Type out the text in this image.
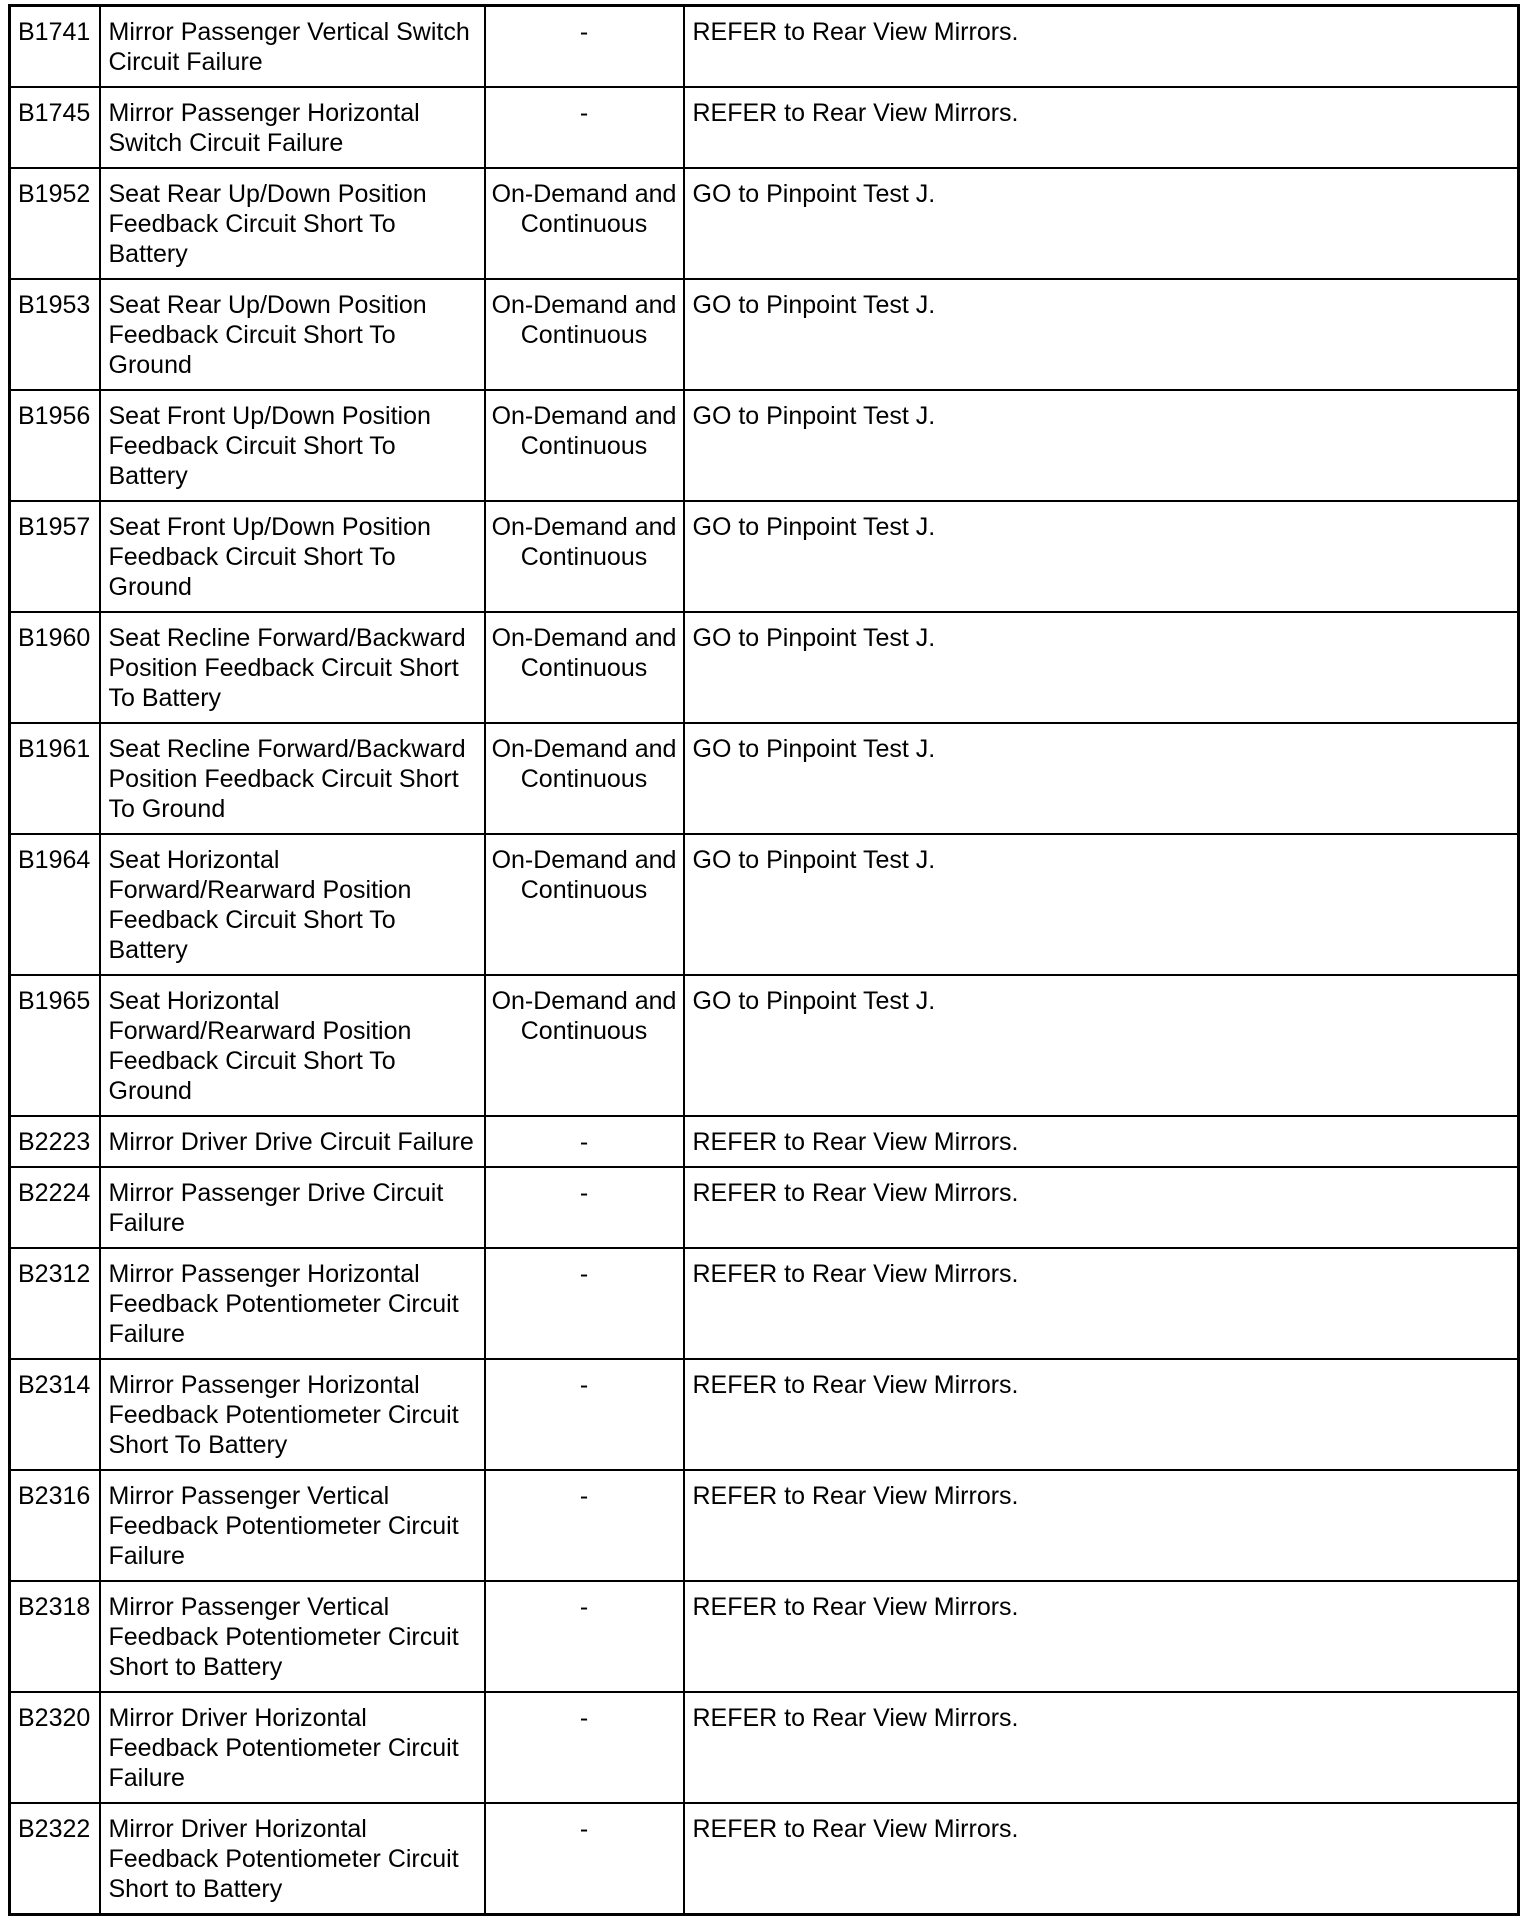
B1741	Mirror Passenger Vertical Switch Circuit Failure	-	REFER to Rear View Mirrors.
B1745	Mirror Passenger Horizontal Switch Circuit Failure	-	REFER to Rear View Mirrors.
B1952	Seat Rear Up/Down Position Feedback Circuit Short To Battery	On-Demand and Continuous	GO to Pinpoint Test J.
B1953	Seat Rear Up/Down Position Feedback Circuit Short To Ground	On-Demand and Continuous	GO to Pinpoint Test J.
B1956	Seat Front Up/Down Position Feedback Circuit Short To Battery	On-Demand and Continuous	GO to Pinpoint Test J.
B1957	Seat Front Up/Down Position Feedback Circuit Short To Ground	On-Demand and Continuous	GO to Pinpoint Test J.
B1960	Seat Recline Forward/Backward Position Feedback Circuit Short To Battery	On-Demand and Continuous	GO to Pinpoint Test J.
B1961	Seat Recline Forward/Backward Position Feedback Circuit Short To Ground	On-Demand and Continuous	GO to Pinpoint Test J.
B1964	Seat Horizontal Forward/Rearward Position Feedback Circuit Short To Battery	On-Demand and Continuous	GO to Pinpoint Test J.
B1965	Seat Horizontal Forward/Rearward Position Feedback Circuit Short To Ground	On-Demand and Continuous	GO to Pinpoint Test J.
B2223	Mirror Driver Drive Circuit Failure	-	REFER to Rear View Mirrors.
B2224	Mirror Passenger Drive Circuit Failure	-	REFER to Rear View Mirrors.
B2312	Mirror Passenger Horizontal Feedback Potentiometer Circuit Failure	-	REFER to Rear View Mirrors.
B2314	Mirror Passenger Horizontal Feedback Potentiometer Circuit Short To Battery	-	REFER to Rear View Mirrors.
B2316	Mirror Passenger Vertical Feedback Potentiometer Circuit Failure	-	REFER to Rear View Mirrors.
B2318	Mirror Passenger Vertical Feedback Potentiometer Circuit Short to Battery	-	REFER to Rear View Mirrors.
B2320	Mirror Driver Horizontal Feedback Potentiometer Circuit Failure	-	REFER to Rear View Mirrors.
B2322	Mirror Driver Horizontal Feedback Potentiometer Circuit Short to Battery	-	REFER to Rear View Mirrors.
